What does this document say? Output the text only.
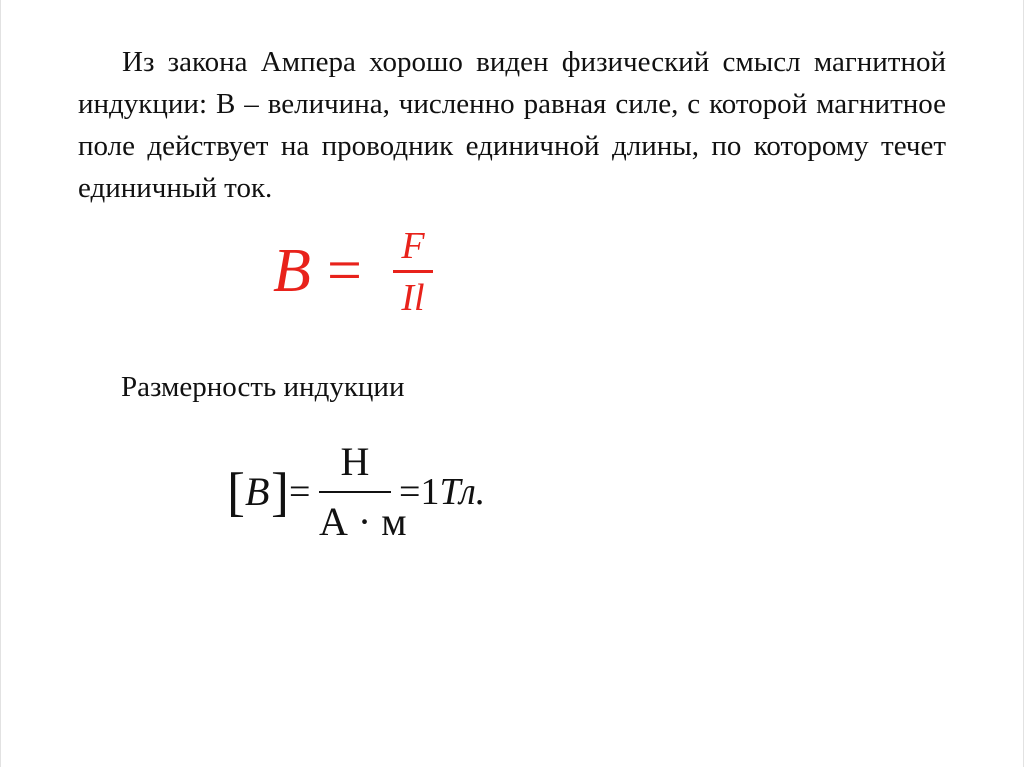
Из закона Ампера хорошо виден физический смысл магнитной индукции: В – величина, численно равная силе, с которой магнитное поле действует на проводник единичной длины, по которому течет единичный ток.

B = F
Il

Размерность индукции

[ B ] =
Н
А · м
=1Тл.
